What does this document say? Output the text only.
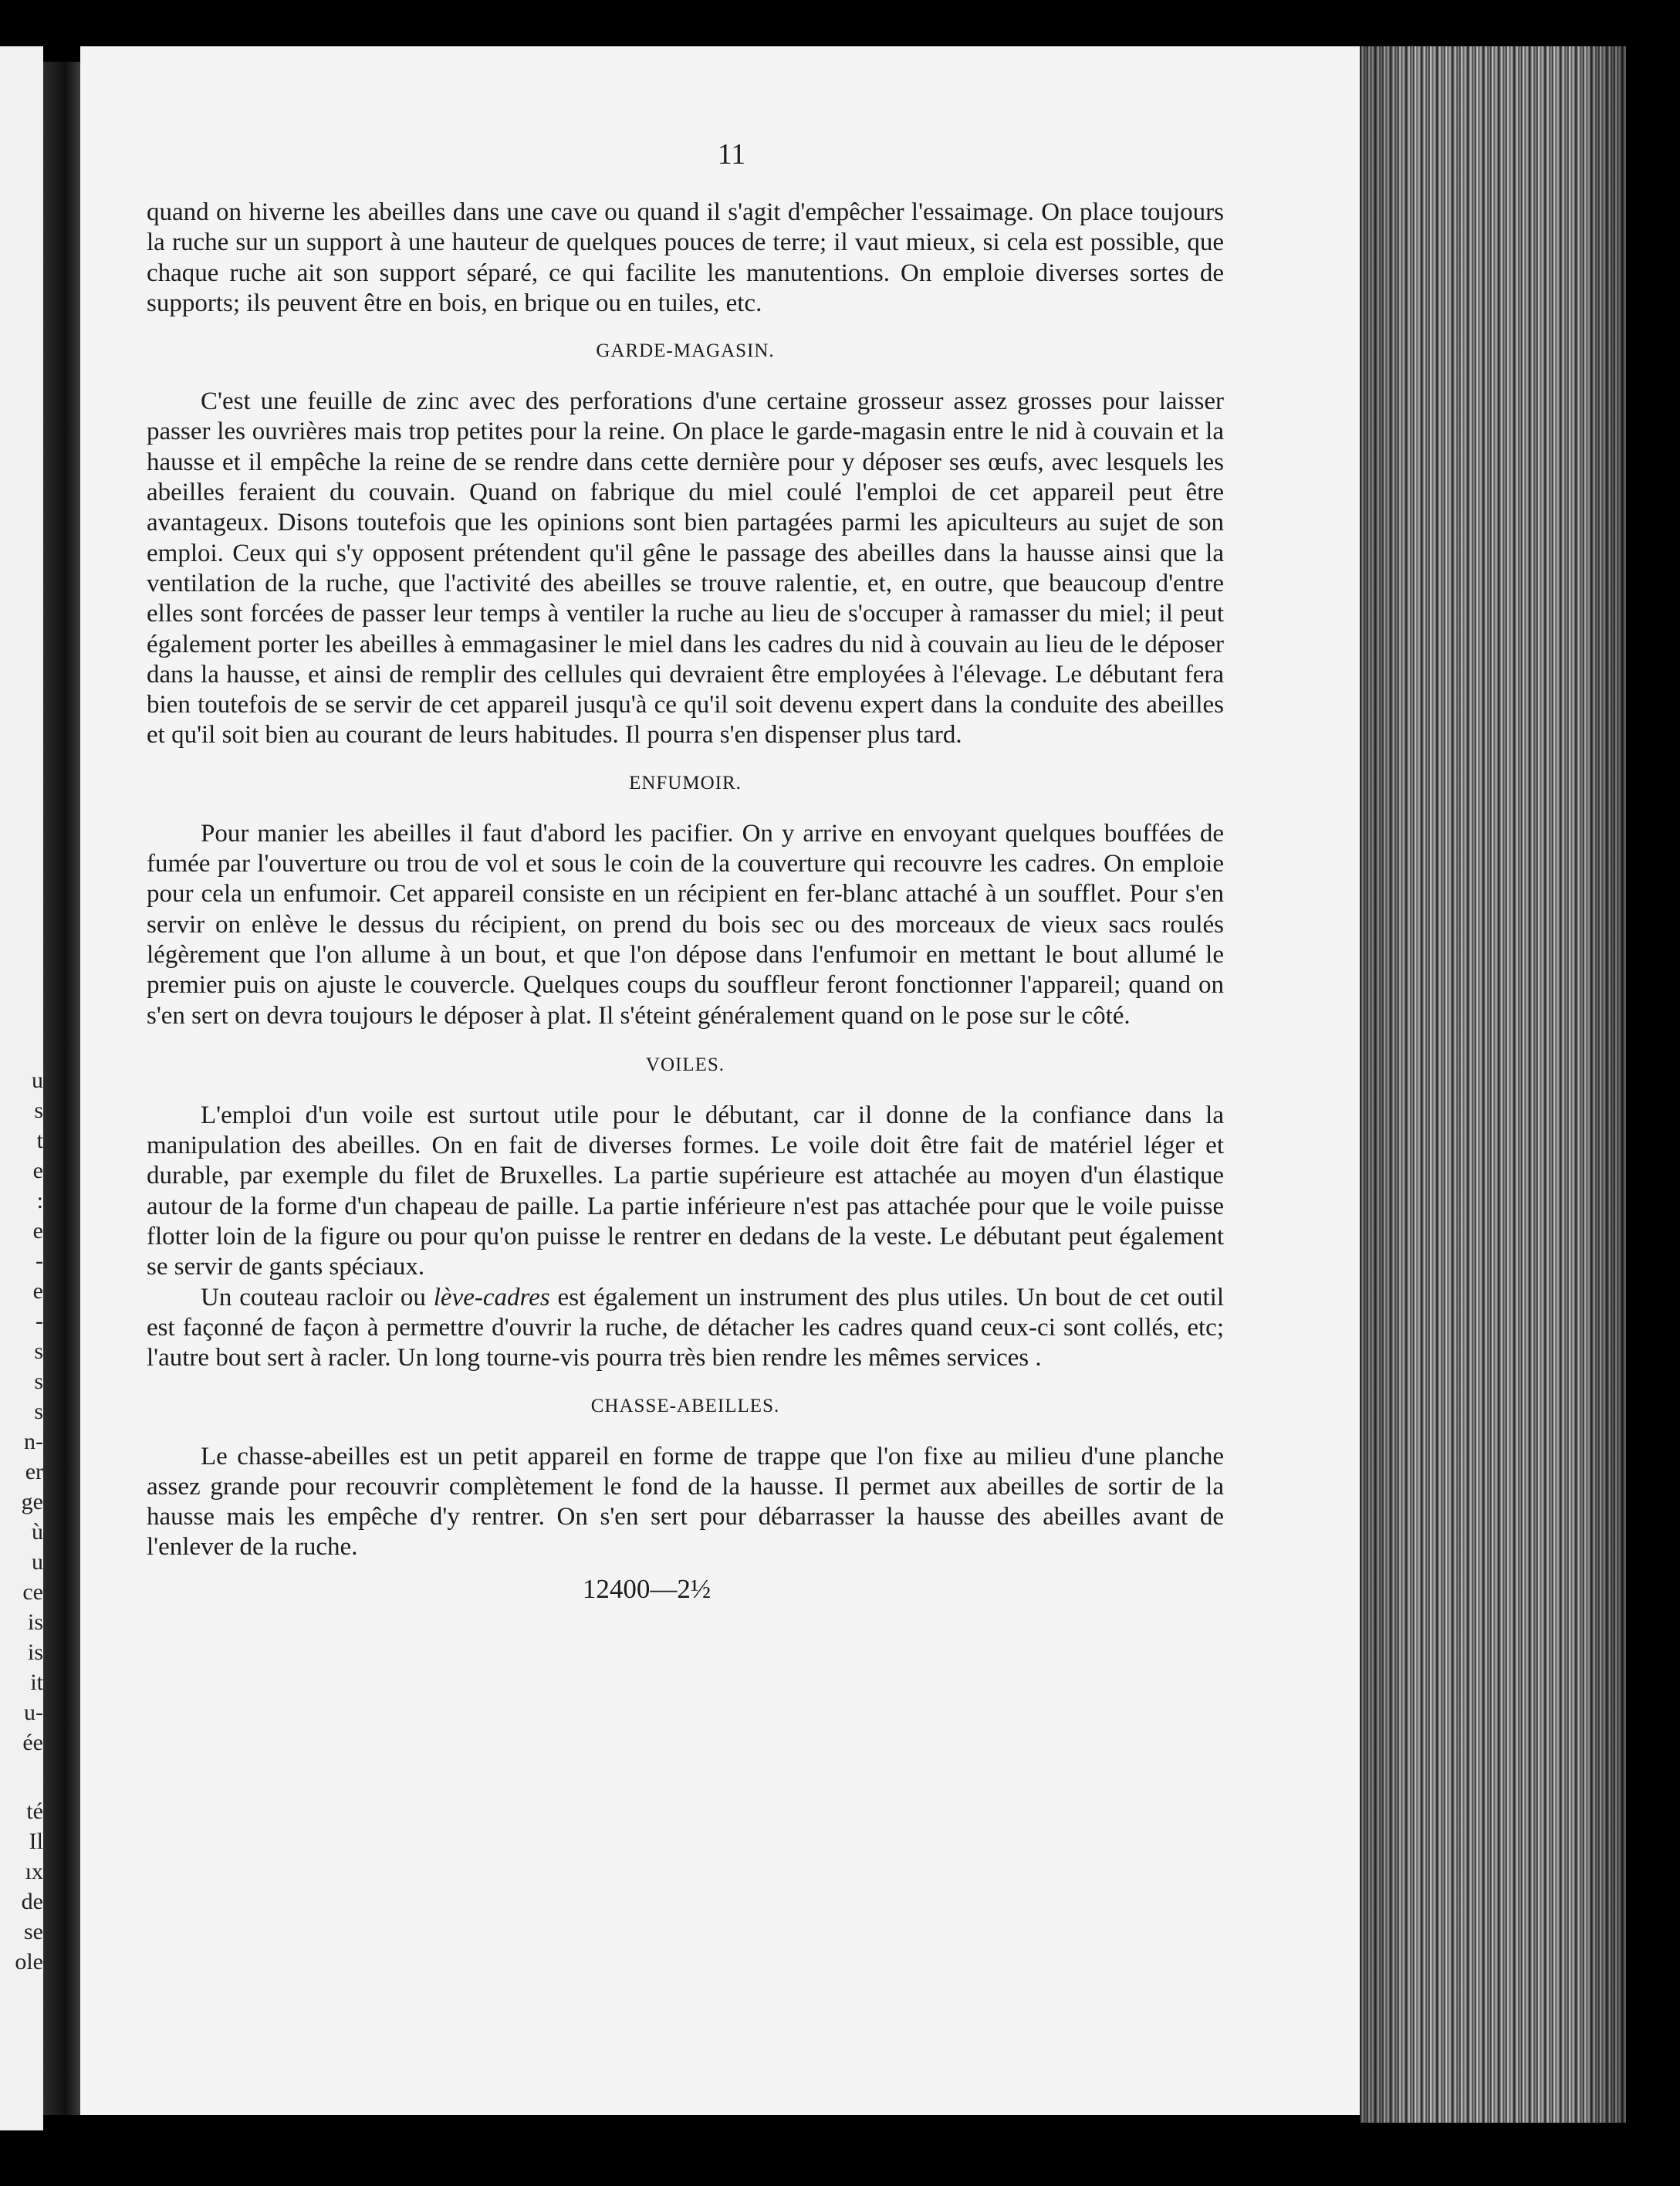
u
s
t
e
:
e
-
e
-
s
s
s
n-
er
ge
ù
u
ce
is
is
it
u-
ée
té
Il
ıx
de
se
ole
11

quand on hiverne les abeilles dans une cave ou quand il s'agit d'empêcher l'essaimage. On place toujours la ruche sur un support à une hauteur de quelques pouces de terre; il vaut mieux, si cela est possible, que chaque ruche ait son support séparé, ce qui facilite les manutentions. On emploie diverses sortes de supports; ils peuvent être en bois, en brique ou en tuiles, etc.

GARDE-MAGASIN.

C'est une feuille de zinc avec des perforations d'une certaine grosseur assez grosses pour laisser passer les ouvrières mais trop petites pour la reine. On place le garde-magasin entre le nid à couvain et la hausse et il empêche la reine de se rendre dans cette dernière pour y déposer ses œufs, avec lesquels les abeilles feraient du couvain. Quand on fabrique du miel coulé l'emploi de cet appareil peut être avantageux. Disons toutefois que les opinions sont bien partagées parmi les apiculteurs au sujet de son emploi. Ceux qui s'y opposent prétendent qu'il gêne le passage des abeilles dans la hausse ainsi que la ventilation de la ruche, que l'activité des abeilles se trouve ralentie, et, en outre, que beaucoup d'entre elles sont forcées de passer leur temps à ventiler la ruche au lieu de s'occuper à ramasser du miel; il peut également porter les abeilles à emmagasiner le miel dans les cadres du nid à couvain au lieu de le déposer dans la hausse, et ainsi de remplir des cellules qui devraient être employées à l'élevage. Le débutant fera bien toutefois de se servir de cet appareil jusqu'à ce qu'il soit devenu expert dans la conduite des abeilles et qu'il soit bien au courant de leurs habitudes. Il pourra s'en dispenser plus tard.

ENFUMOIR.

Pour manier les abeilles il faut d'abord les pacifier. On y arrive en envoyant quelques bouffées de fumée par l'ouverture ou trou de vol et sous le coin de la couverture qui recouvre les cadres. On emploie pour cela un enfumoir. Cet appareil consiste en un récipient en fer-blanc attaché à un soufflet. Pour s'en servir on enlève le dessus du récipient, on prend du bois sec ou des morceaux de vieux sacs roulés légèrement que l'on allume à un bout, et que l'on dépose dans l'enfumoir en mettant le bout allumé le premier puis on ajuste le couvercle. Quelques coups du souffleur feront fonctionner l'appareil; quand on s'en sert on devra toujours le déposer à plat. Il s'éteint généralement quand on le pose sur le côté.

VOILES.

L'emploi d'un voile est surtout utile pour le débutant, car il donne de la confiance dans la manipulation des abeilles. On en fait de diverses formes. Le voile doit être fait de matériel léger et durable, par exemple du filet de Bruxelles. La partie supérieure est attachée au moyen d'un élastique autour de la forme d'un chapeau de paille. La partie inférieure n'est pas attachée pour que le voile puisse flotter loin de la figure ou pour qu'on puisse le rentrer en dedans de la veste. Le débutant peut également se servir de gants spéciaux.

Un couteau racloir ou lève-cadres est également un instrument des plus utiles. Un bout de cet outil est façonné de façon à permettre d'ouvrir la ruche, de détacher les cadres quand ceux-ci sont collés, etc; l'autre bout sert à racler. Un long tourne-vis pourra très bien rendre les mêmes services .

CHASSE-ABEILLES.

Le chasse-abeilles est un petit appareil en forme de trappe que l'on fixe au milieu d'une planche assez grande pour recouvrir complètement le fond de la hausse. Il permet aux abeilles de sortir de la hausse mais les empêche d'y rentrer. On s'en sert pour débarrasser la hausse des abeilles avant de l'enlever de la ruche.

12400—2½
